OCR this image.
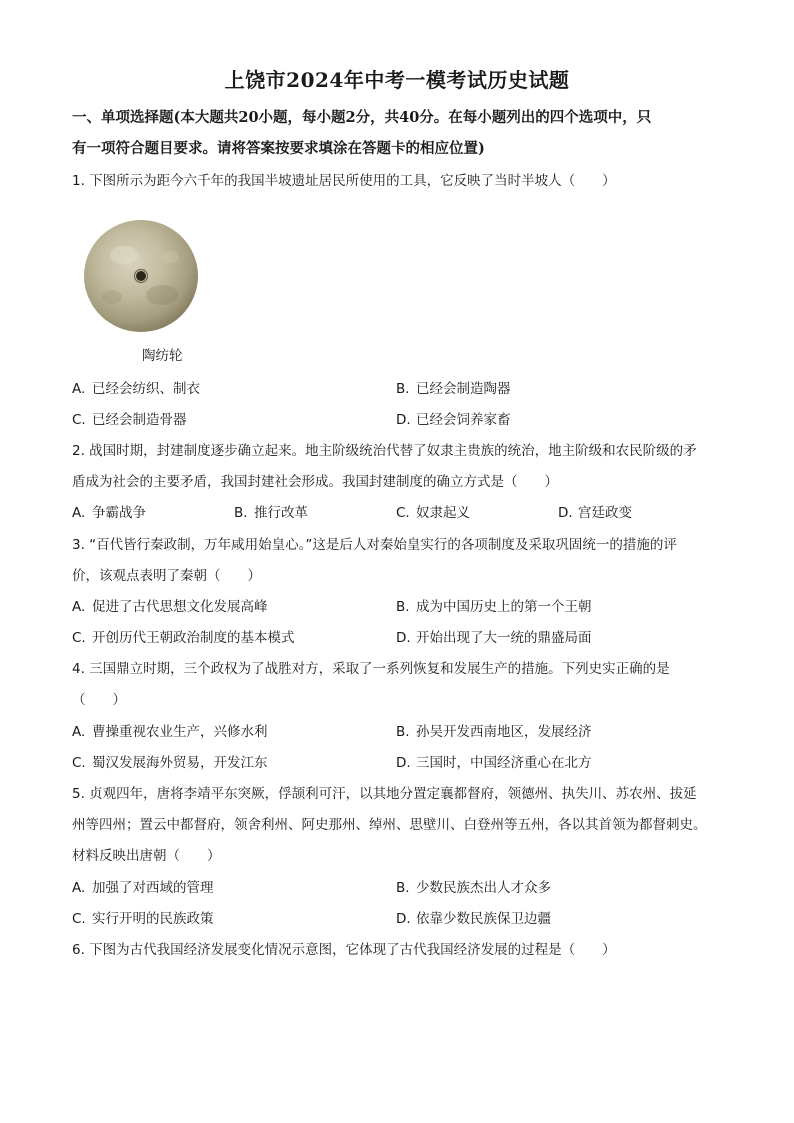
上饶市2024年中考一模考试历史试题
一、单项选择题(本大题共20小题，每小题2分，共40分。在每小题列出的四个选项中，只
有一项符合题目要求。请将答案按要求填涂在答题卡的相应位置)
1. 下图所示为距今六千年的我国半坡遗址居民所使用的工具，它反映了当时半坡人（　　）
陶纺轮
A. 已经会纺织、制衣	B. 已经会制造陶器
C. 已经会制造骨器	D. 已经会饲养家畜
2. 战国时期，封建制度逐步确立起来。地主阶级统治代替了奴隶主贵族的统治，地主阶级和农民阶级的矛
盾成为社会的主要矛盾，我国封建社会形成。我国封建制度的确立方式是（　　）
A. 争霸战争	B. 推行改革	C. 奴隶起义	D. 宫廷政变
3. “百代皆行秦政制，万年咸用始皇心。”这是后人对秦始皇实行的各项制度及采取巩固统一的措施的评
价，该观点表明了秦朝（　　）
A. 促进了古代思想文化发展高峰	B. 成为中国历史上的第一个王朝
C. 开创历代王朝政治制度的基本模式	D. 开始出现了大一统的鼎盛局面
4. 三国鼎立时期，三个政权为了战胜对方，采取了一系列恢复和发展生产的措施。下列史实正确的是
（　　）
A. 曹操重视农业生产，兴修水利	B. 孙吴开发西南地区，发展经济
C. 蜀汉发展海外贸易，开发江东	D. 三国时，中国经济重心在北方
5. 贞观四年，唐将李靖平东突厥，俘颉利可汗，以其地分置定襄都督府，领德州、执失川、苏农州、拔延
州等四州；置云中都督府，领舍利州、阿史那州、绰州、思壁川、白登州等五州，各以其首领为都督刺史。
材料反映出唐朝（　　）
A. 加强了对西域的管理	B. 少数民族杰出人才众多
C. 实行开明的民族政策	D. 依靠少数民族保卫边疆
6. 下图为古代我国经济发展变化情况示意图，它体现了古代我国经济发展的过程是（　　）
